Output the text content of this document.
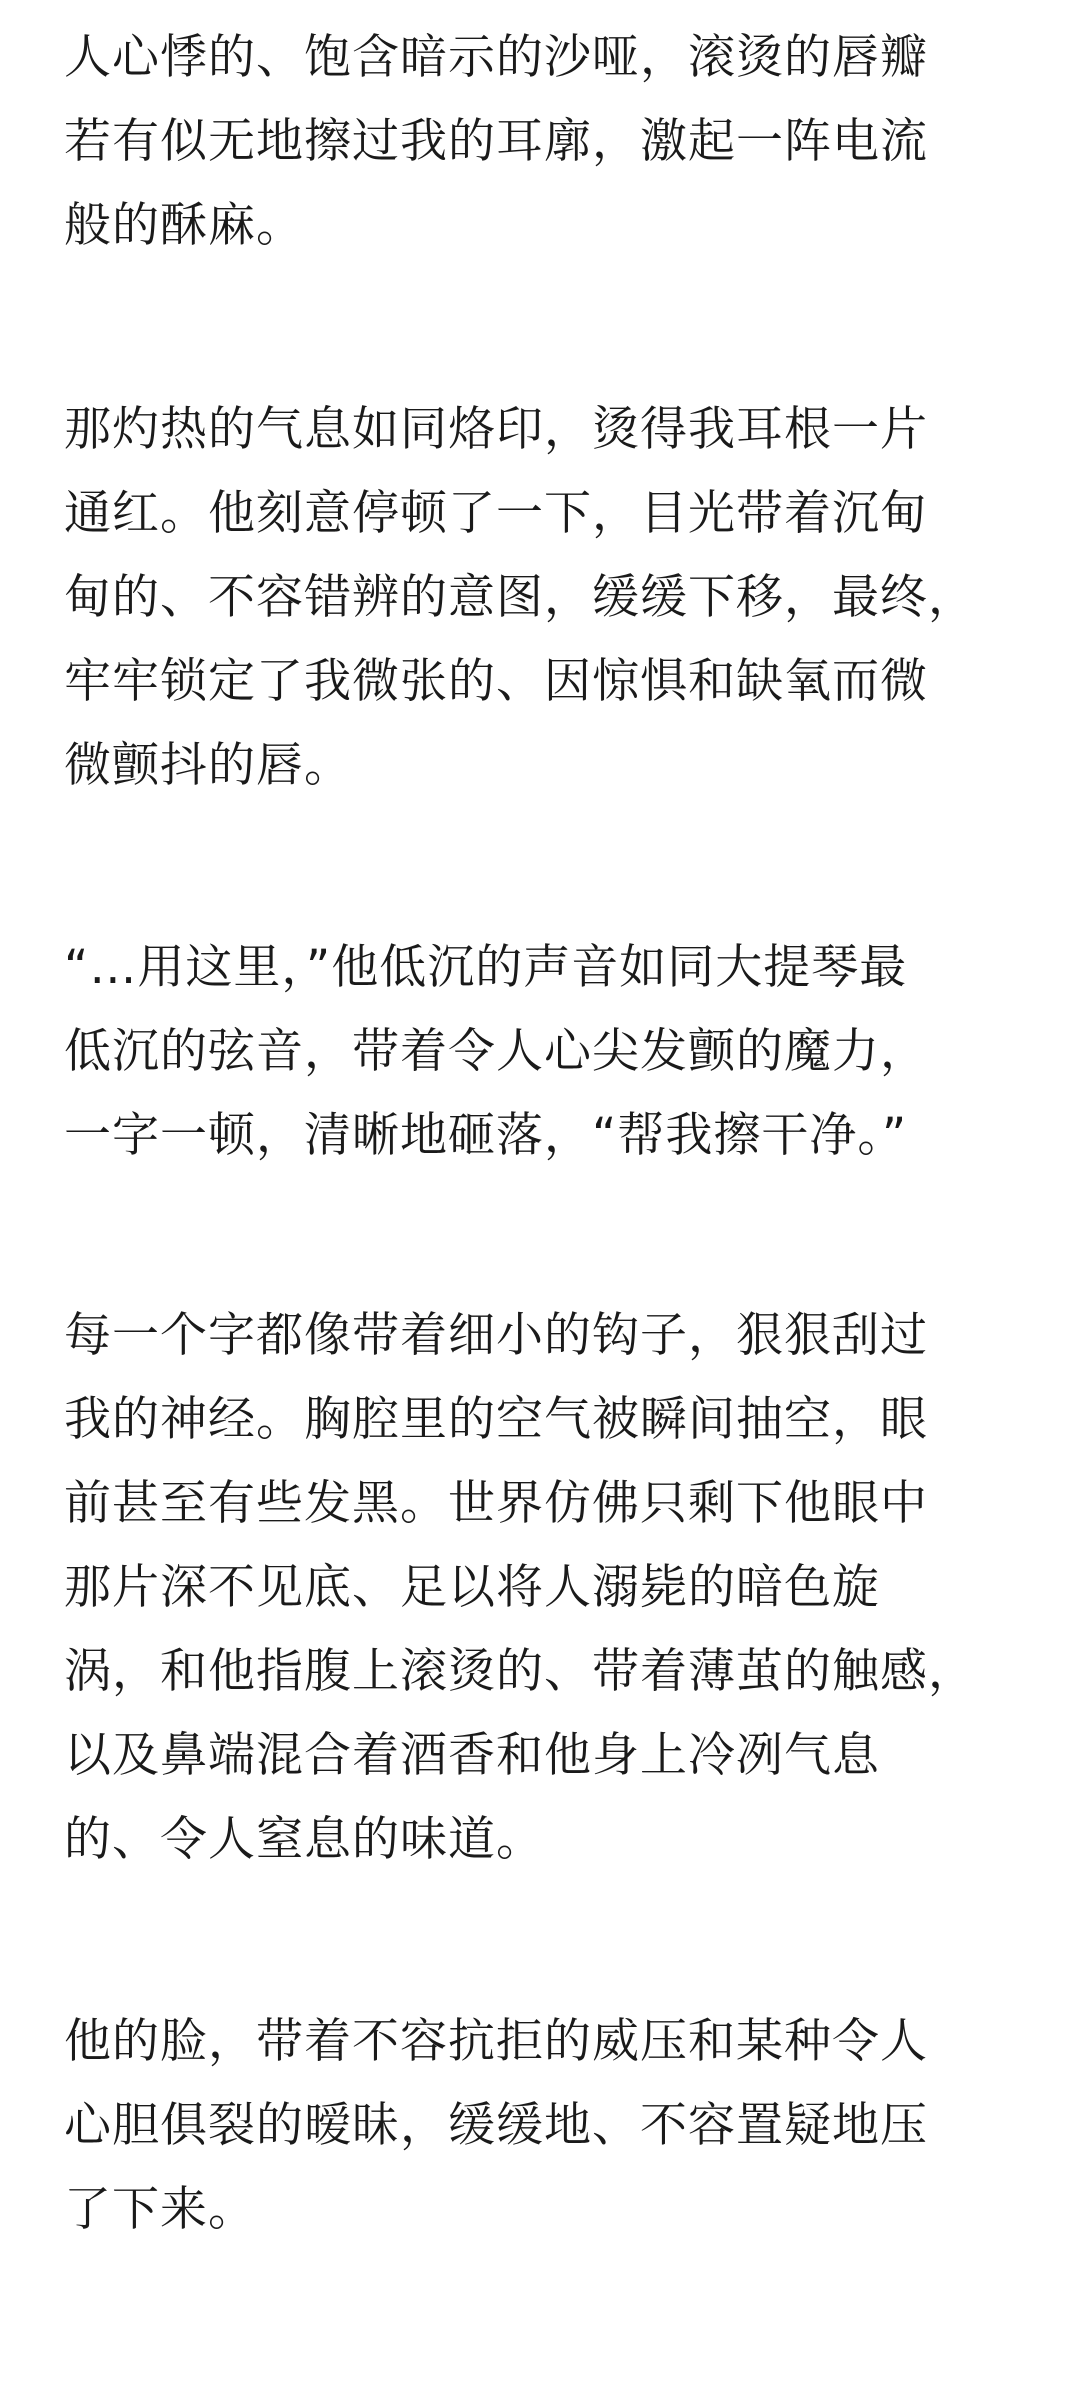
人心悸的、饱含暗示的沙哑，滚烫的唇瓣
若有似无地擦过我的耳廓，激起一阵电流
般的酥麻。

那灼热的气息如同烙印，烫得我耳根一片
通红。他刻意停顿了一下，目光带着沉甸
甸的、不容错辨的意图，缓缓下移，最终，
牢牢锁定了我微张的、因惊惧和缺氧而微
微颤抖的唇。

“…用这里，”他低沉的声音如同大提琴最
低沉的弦音，带着令人心尖发颤的魔力，
一字一顿，清晰地砸落，“帮我擦干净。”

每一个字都像带着细小的钩子，狠狠刮过
我的神经。胸腔里的空气被瞬间抽空，眼
前甚至有些发黑。世界仿佛只剩下他眼中
那片深不见底、足以将人溺毙的暗色旋
涡，和他指腹上滚烫的、带着薄茧的触感，
以及鼻端混合着酒香和他身上冷冽气息
的、令人窒息的味道。

他的脸，带着不容抗拒的威压和某种令人
心胆俱裂的暧昧，缓缓地、不容置疑地压
了下来。
